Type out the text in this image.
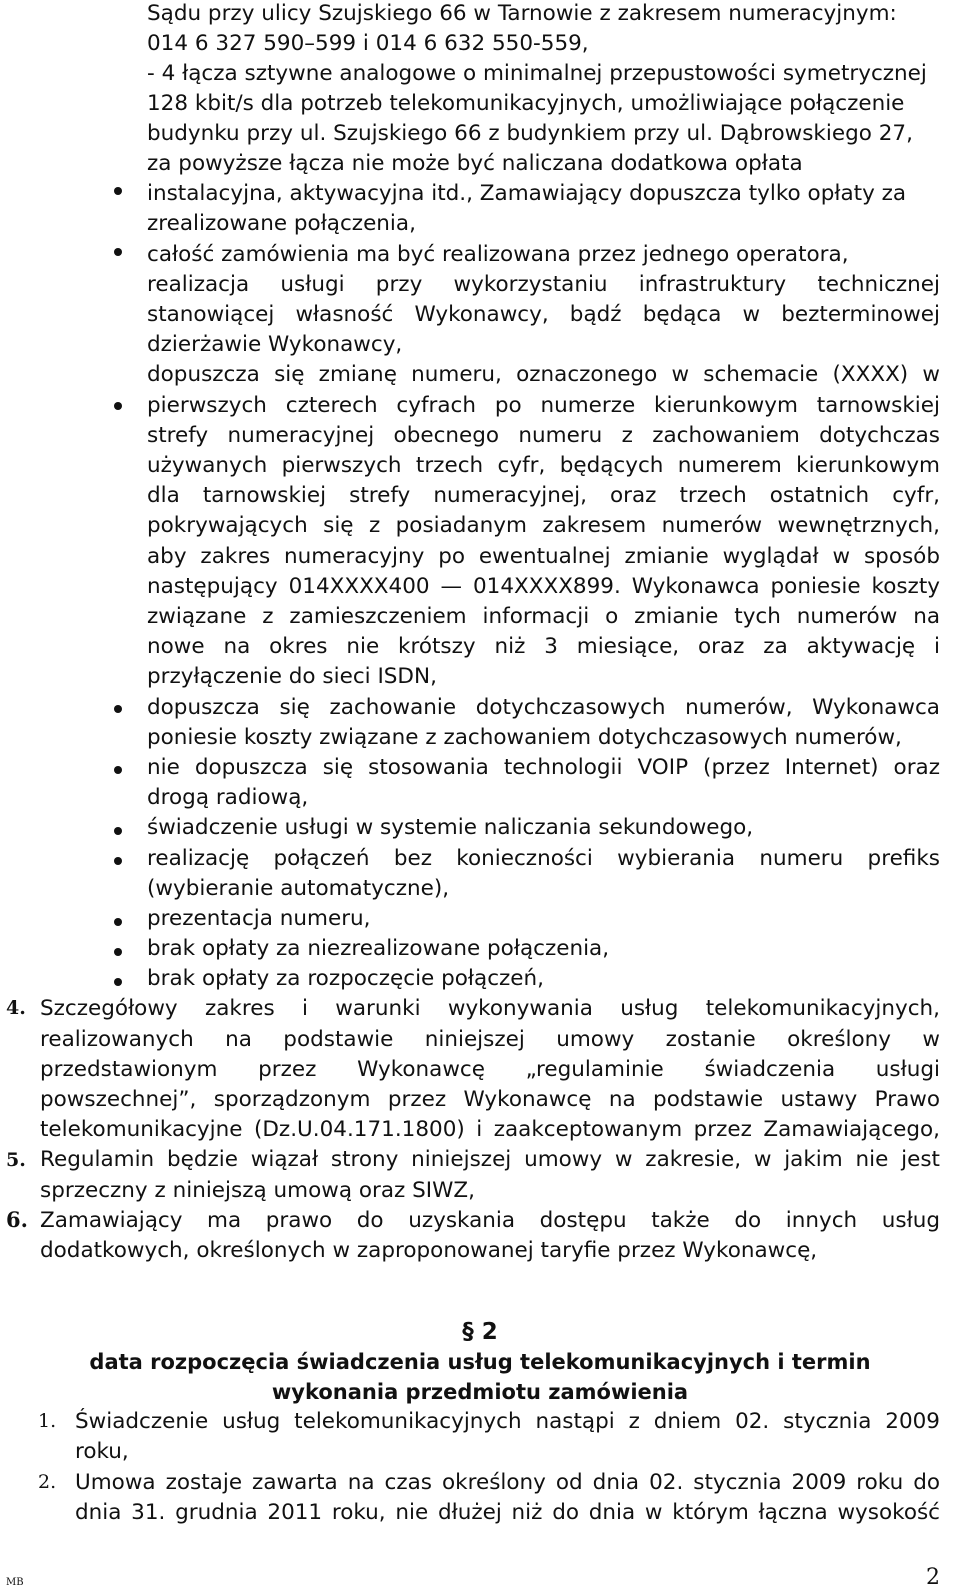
4.
5.
6.
1.
2.
Sądu przy ulicy Szujskiego 66 w Tarnowie z zakresem numeracyjnym:
014 6 327 590–599 i 014 6 632 550-559,
- 4 łącza sztywne analogowe o minimalnej przepustowości symetrycznej
128 kbit/s dla potrzeb telekomunikacyjnych, umożliwiające połączenie
budynku przy ul. Szujskiego 66 z budynkiem przy ul. Dąbrowskiego 27,
za powyższe łącza nie może być naliczana dodatkowa opłata
instalacyjna, aktywacyjna itd., Zamawiający dopuszcza tylko opłaty za
zrealizowane połączenia,
całość zamówienia ma być realizowana przez jednego operatora,
realizacja usługi przy wykorzystaniu infrastruktury technicznej
stanowiącej własność Wykonawcy, bądź będąca w bezterminowej
dzierżawie Wykonawcy,
dopuszcza się zmianę numeru, oznaczonego w schemacie (XXXX) w
pierwszych czterech cyfrach po numerze kierunkowym tarnowskiej
strefy numeracyjnej obecnego numeru z zachowaniem dotychczas
używanych pierwszych trzech cyfr, będących numerem kierunkowym
dla tarnowskiej strefy numeracyjnej, oraz trzech ostatnich cyfr,
pokrywających się z posiadanym zakresem numerów wewnętrznych,
aby zakres numeracyjny po ewentualnej zmianie wyglądał w sposób
następujący 014XXXX400 — 014XXXX899. Wykonawca poniesie koszty
związane z zamieszczeniem informacji o zmianie tych numerów na
nowe na okres nie krótszy niż 3 miesiące, oraz za aktywację i
przyłączenie do sieci ISDN,
dopuszcza się zachowanie dotychczasowych numerów, Wykonawca
poniesie koszty związane z zachowaniem dotychczasowych numerów,
nie dopuszcza się stosowania technologii VOIP (przez Internet) oraz
drogą radiową,
świadczenie usługi w systemie naliczania sekundowego,
realizację połączeń bez konieczności wybierania numeru prefiks
(wybieranie automatyczne),
prezentacja numeru,
brak opłaty za niezrealizowane połączenia,
brak opłaty za rozpoczęcie połączeń,
Szczegółowy zakres i warunki wykonywania usług telekomunikacyjnych,
realizowanych na podstawie niniejszej umowy zostanie określony w
przedstawionym przez Wykonawcę „regulaminie świadczenia usługi
powszechnej”, sporządzonym przez Wykonawcę na podstawie ustawy Prawo
telekomunikacyjne (Dz.U.04.171.1800) i zaakceptowanym przez Zamawiającego,
Regulamin będzie wiązał strony niniejszej umowy w zakresie, w jakim nie jest
sprzeczny z niniejszą umową oraz SIWZ,
Zamawiający ma prawo do uzyskania dostępu także do innych usług
dodatkowych, określonych w zaproponowanej taryfie przez Wykonawcę,
§ 2
data rozpoczęcia świadczenia usług telekomunikacyjnych i termin
wykonania przedmiotu zamówienia
Świadczenie usług telekomunikacyjnych nastąpi z dniem 02. stycznia 2009
roku,
Umowa zostaje zawarta na czas określony od dnia 02. stycznia 2009 roku do
dnia 31. grudnia 2011 roku, nie dłużej niż do dnia w którym łączna wysokość
MB	2
